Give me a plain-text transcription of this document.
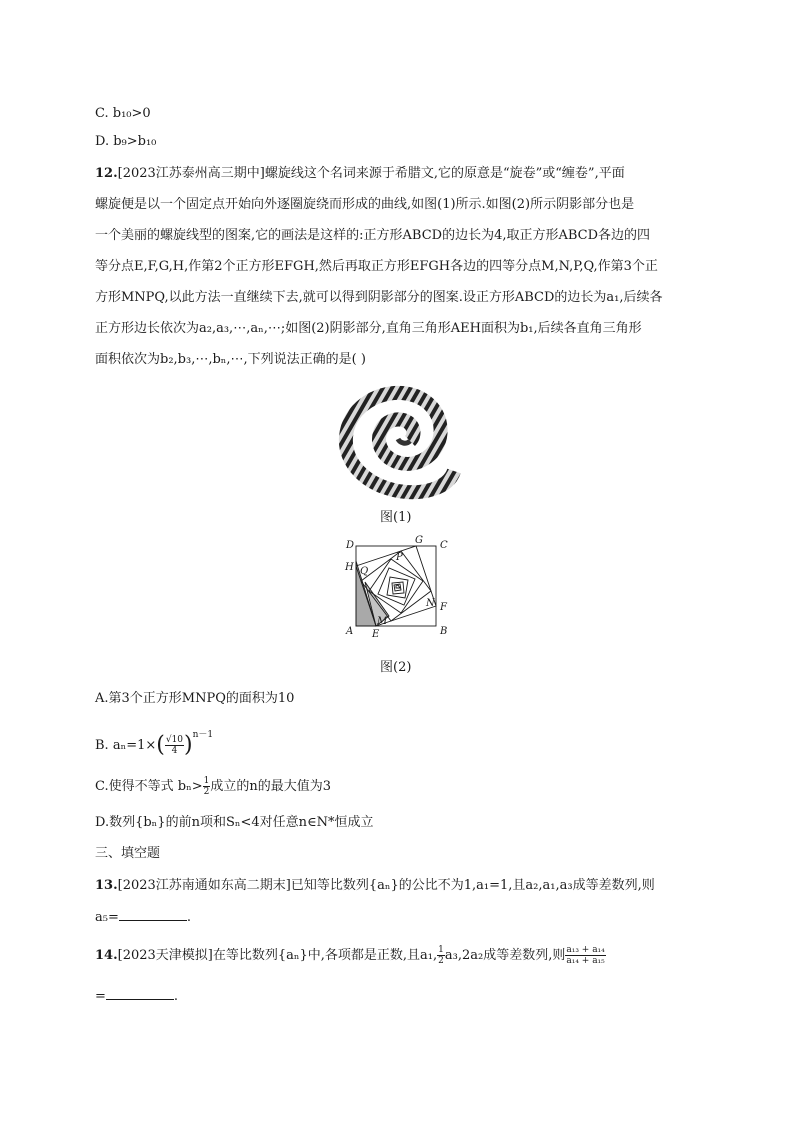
C. b₁₀>0
D. b₉>b₁₀
12.[2023江苏泰州高三期中]螺旋线这个名词来源于希腊文,它的原意是“旋卷”或“缠卷”,平面
螺旋便是以一个固定点开始向外逐圈旋绕而形成的曲线,如图(1)所示.如图(2)所示阴影部分也是
一个美丽的螺旋线型的图案,它的画法是这样的:正方形ABCD的边长为4,取正方形ABCD各边的四
等分点E,F,G,H,作第2个正方形EFGH,然后再取正方形EFGH各边的四等分点M,N,P,Q,作第3个正
方形MNPQ,以此方法一直继续下去,就可以得到阴影部分的图案.设正方形ABCD的边长为a₁,后续各
正方形边长依次为a₂,a₃,⋯,aₙ,⋯;如图(2)阴影部分,直角三角形AEH面积为b₁,后续各直角三角形
面积依次为b₂,b₃,⋯,bₙ,⋯,下列说法正确的是( )
图(1)
D	G C
H Q
P
N F
M
A E	B
图(2)
A.第3个正方形MNPQ的面积为10
B. $a_n=1\times( \frac{√10}{4} )^{n-1}$
C.使得不等式 $b_n> \frac{1}{2}$ 成立的n的最大值为3
D.数列{bₙ}的前n项和Sₙ<4对任意n∈N*恒成立
三、填空题
13.[2023江苏南通如东高二期末]已知等比数列{aₙ}的公比不为1,a₁=1,且a₂,a₁,a₃成等差数列,则
a₅=	.
14.[2023天津模拟]在等比数列{aₙ}中,各项都是正数,且a₁, $\frac{1}{2} a_3,2a_2$成等差数列,则 $\frac{\text{a₁₃ + a₁₄}}{\text{a₁₄ + a₁₅}}$
=	.
